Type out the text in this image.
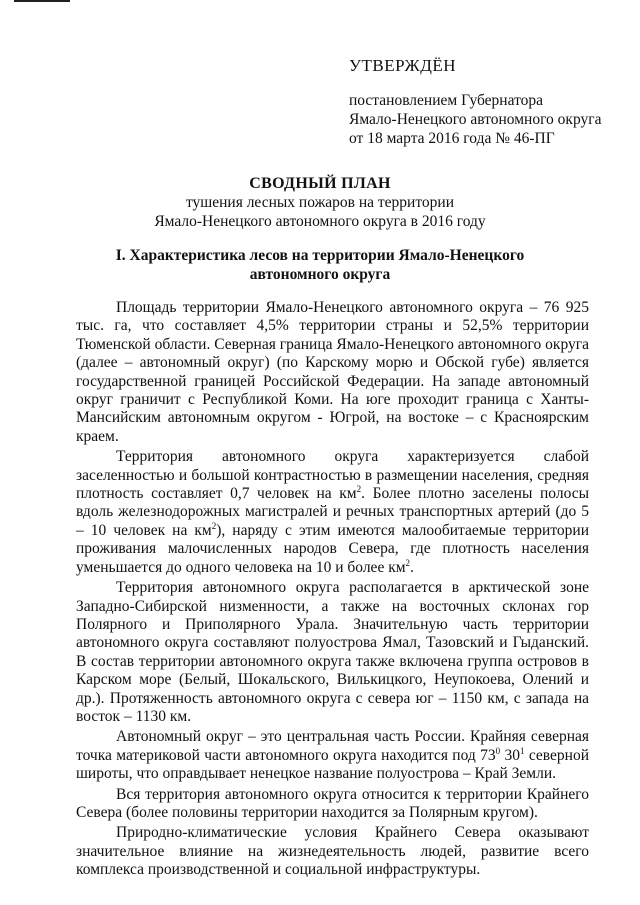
УТВЕРЖДЁН
постановлением Губернатора
Ямало-Ненецкого автономного округа
от 18 марта 2016 года № 46-ПГ
СВОДНЫЙ ПЛАН
тушения лесных пожаров на территории
Ямало-Ненецкого автономного округа в 2016 году
I. Характеристика лесов на территории Ямало-Ненецкого
автономного округа

Площадь территории Ямало-Ненецкого автономного округа – 76 925 тыс. га, что составляет 4,5% территории страны и 52,5% территории Тюменской области. Северная граница Ямало-Ненецкого автономного округа (далее – автономный округ) (по Карскому морю и Обской губе) является государственной границей Российской Федерации. На западе автономный округ граничит с Республикой Коми. На юге проходит граница с Ханты-Мансийским автономным округом - Югрой, на востоке – с Красноярским краем.

Территория автономного округа характеризуется слабой заселенностью и большой контрастностью в размещении населения, средняя плотность составляет 0,7 человек на $км^2$. Более плотно заселены полосы вдоль железнодорожных магистралей и речных транспортных артерий (до 5 – 10 человек на $км^2$), наряду с этим имеются малообитаемые территории проживания малочисленных народов Севера, где плотность населения уменьшается до одного человека на 10 и более $км^2$.

Территория автономного округа располагается в арктической зоне Западно-Сибирской низменности, а также на восточных склонах гор Полярного и Приполярного Урала. Значительную часть территории автономного округа составляют полуострова Ямал, Тазовский и Гыданский. В состав территории автономного округа также включена группа островов в Карском море (Белый, Шокальского, Вилькицкого, Неупокоева, Олений и др.). Протяженность автономного округа с севера юг – 1150 км, с запада на восток – 1130 км.

Автономный округ – это центральная часть России. Крайняя северная точка материковой части автономного округа находится под $73^0$ $30^1$ северной широты, что оправдывает ненецкое название полуострова – Край Земли.

Вся территория автономного округа относится к территории Крайнего Севера (более половины территории находится за Полярным кругом).

Природно-климатические условия Крайнего Севера оказывают значительное влияние на жизнедеятельность людей, развитие всего комплекса производственной и социальной инфраструктуры.
